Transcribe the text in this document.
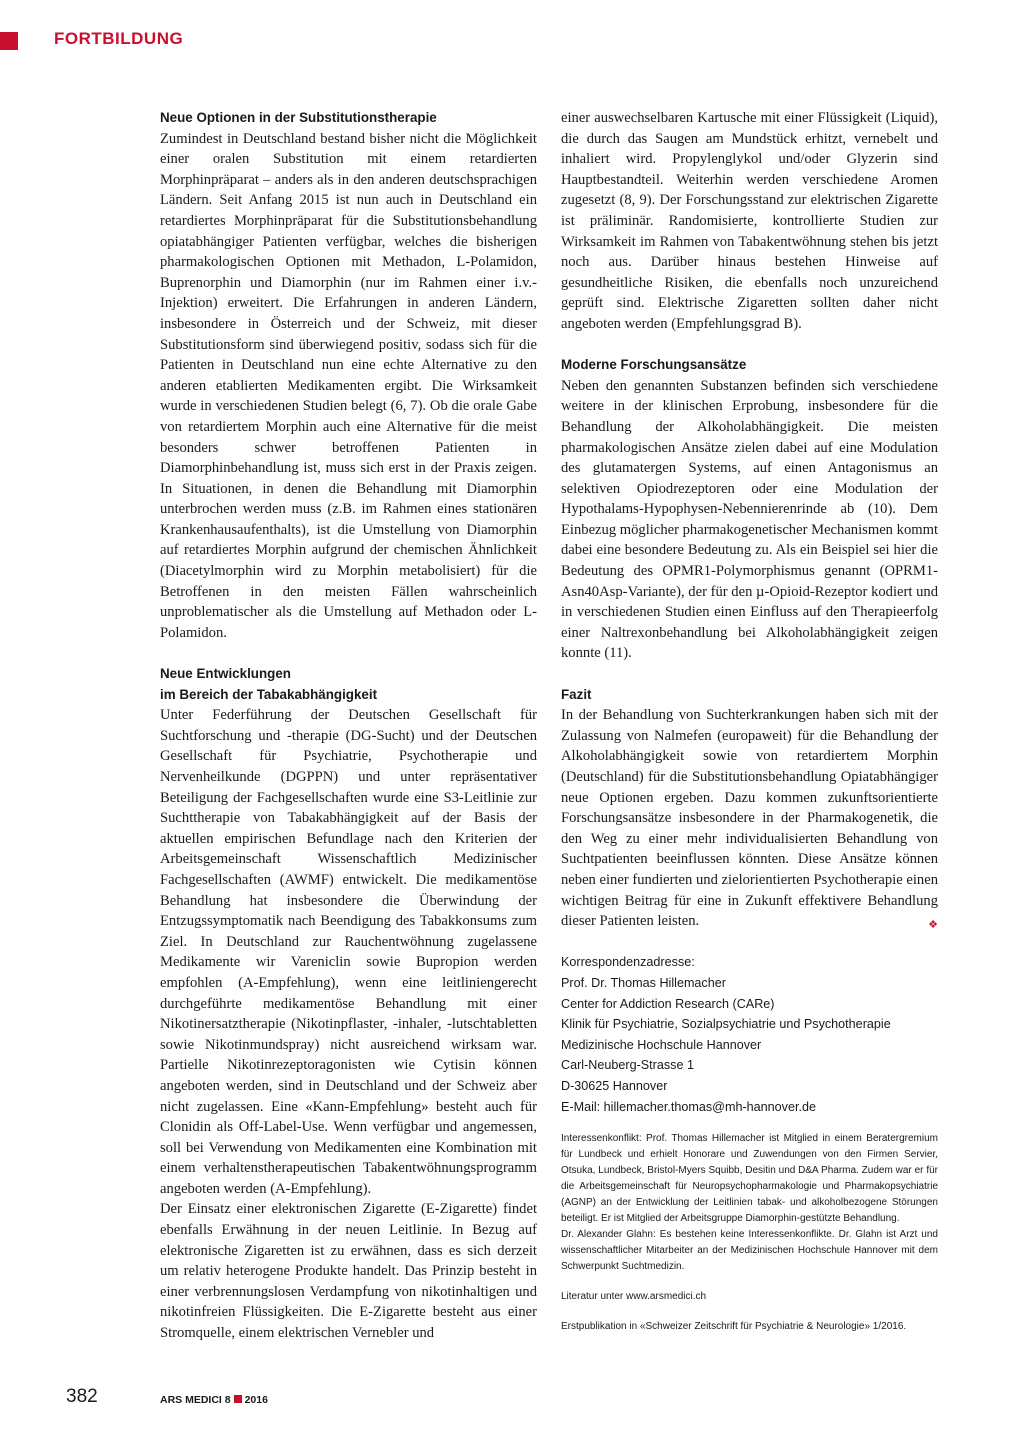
FORTBILDUNG

Neue Optionen in der Substitutionstherapie

Zumindest in Deutschland bestand bisher nicht die Möglichkeit einer oralen Substitution mit einem retardierten Morphinpräparat – anders als in den anderen deutschsprachigen Ländern. Seit Anfang 2015 ist nun auch in Deutschland ein retardiertes Morphinpräparat für die Substitutionsbehandlung opiatabhängiger Patienten verfügbar, welches die bisherigen pharmakologischen Optionen mit Methadon, L-Polamidon, Buprenorphin und Diamorphin (nur im Rahmen einer i.v.-Injektion) erweitert. Die Erfahrungen in anderen Ländern, insbesondere in Österreich und der Schweiz, mit dieser Substitutionsform sind überwiegend positiv, sodass sich für die Patienten in Deutschland nun eine echte Alternative zu den anderen etablierten Medikamenten ergibt. Die Wirksamkeit wurde in verschiedenen Studien belegt (6, 7). Ob die orale Gabe von retardiertem Morphin auch eine Alternative für die meist besonders schwer betroffenen Patienten in Diamorphinbehandlung ist, muss sich erst in der Praxis zeigen. In Situationen, in denen die Behandlung mit Diamorphin unterbrochen werden muss (z.B. im Rahmen eines stationären Krankenhausaufenthalts), ist die Umstellung von Diamorphin auf retardiertes Morphin aufgrund der chemischen Ähnlichkeit (Diacetylmorphin wird zu Morphin metabolisiert) für die Betroffenen in den meisten Fällen wahrscheinlich unproblematischer als die Umstellung auf Methadon oder L-Polamidon.

Neue Entwicklungen

im Bereich der Tabakabhängigkeit

Unter Federführung der Deutschen Gesellschaft für Suchtforschung und -therapie (DG-Sucht) und der Deutschen Gesellschaft für Psychiatrie, Psychotherapie und Nervenheilkunde (DGPPN) und unter repräsentativer Beteiligung der Fachgesellschaften wurde eine S3-Leitlinie zur Suchttherapie von Tabakabhängigkeit auf der Basis der aktuellen empirischen Befundlage nach den Kriterien der Arbeitsgemeinschaft Wissenschaftlich Medizinischer Fachgesellschaften (AWMF) entwickelt. Die medikamentöse Behandlung hat insbesondere die Überwindung der Entzugssymptomatik nach Beendigung des Tabakkonsums zum Ziel. In Deutschland zur Rauchentwöhnung zugelassene Medikamente wir Vareniclin sowie Bupropion werden empfohlen (A-Empfehlung), wenn eine leitliniengerecht durchgeführte medikamentöse Behandlung mit einer Nikotinersatztherapie (Nikotinpflaster, -inhaler, -lutschtabletten sowie Nikotinmundspray) nicht ausreichend wirksam war. Partielle Nikotinrezeptoragonisten wie Cytisin können angeboten werden, sind in Deutschland und der Schweiz aber nicht zugelassen. Eine «Kann-Empfehlung» besteht auch für Clonidin als Off-Label-Use. Wenn verfügbar und angemessen, soll bei Verwendung von Medikamenten eine Kombination mit einem verhaltenstherapeutischen Tabakentwöhnungsprogramm angeboten werden (A-Empfehlung).

Der Einsatz einer elektronischen Zigarette (E-Zigarette) findet ebenfalls Erwähnung in der neuen Leitlinie. In Bezug auf elektronische Zigaretten ist zu erwähnen, dass es sich derzeit um relativ heterogene Produkte handelt. Das Prinzip besteht in einer verbrennungslosen Verdampfung von nikotinhaltigen und nikotinfreien Flüssigkeiten. Die E-Zigarette besteht aus einer Stromquelle, einem elektrischen Vernebler und

einer auswechselbaren Kartusche mit einer Flüssigkeit (Liquid), die durch das Saugen am Mundstück erhitzt, vernebelt und inhaliert wird. Propylenglykol und/oder Glyzerin sind Hauptbestandteil. Weiterhin werden verschiedene Aromen zugesetzt (8, 9). Der Forschungsstand zur elektrischen Zigarette ist präliminär. Randomisierte, kontrollierte Studien zur Wirksamkeit im Rahmen von Tabakentwöhnung stehen bis jetzt noch aus. Darüber hinaus bestehen Hinweise auf gesundheitliche Risiken, die ebenfalls noch unzureichend geprüft sind. Elektrische Zigaretten sollten daher nicht angeboten werden (Empfehlungsgrad B).

Moderne Forschungsansätze

Neben den genannten Substanzen befinden sich verschiedene weitere in der klinischen Erprobung, insbesondere für die Behandlung der Alkoholabhängigkeit. Die meisten pharmakologischen Ansätze zielen dabei auf eine Modulation des glutamatergen Systems, auf einen Antagonismus an selektiven Opiodrezeptoren oder eine Modulation der Hypothalams-Hypophysen-Nebennierenrinde ab (10). Dem Einbezug möglicher pharmakogenetischer Mechanismen kommt dabei eine besondere Bedeutung zu. Als ein Beispiel sei hier die Bedeutung des OPMR1-Polymorphismus genannt (OPRM1-Asn40Asp-Variante), der für den µ-Opioid-Rezeptor kodiert und in verschiedenen Studien einen Einfluss auf den Therapieerfolg einer Naltrexonbehandlung bei Alkoholabhängigkeit zeigen konnte (11).

Fazit

In der Behandlung von Suchterkrankungen haben sich mit der Zulassung von Nalmefen (europaweit) für die Behandlung der Alkoholabhängigkeit sowie von retardiertem Morphin (Deutschland) für die Substitutionsbehandlung Opiatabhängiger neue Optionen ergeben. Dazu kommen zukunftsorientierte Forschungsansätze insbesondere in der Pharmakogenetik, die den Weg zu einer mehr individualisierten Behandlung von Suchtpatienten beeinflussen könnten. Diese Ansätze können neben einer fundierten und zielorientierten Psychotherapie einen wichtigen Beitrag für eine in Zukunft effektivere Behandlung dieser Patienten leisten.	❖

Korrespondenzadresse:

Prof. Dr. Thomas Hillemacher

Center for Addiction Research (CARe)

Klinik für Psychiatrie, Sozialpsychiatrie und Psychotherapie

Medizinische Hochschule Hannover

Carl-Neuberg-Strasse 1

D-30625 Hannover

E-Mail: hillemacher.thomas@mh-hannover.de

Interessenkonflikt: Prof. Thomas Hillemacher ist Mitglied in einem Beratergremium für Lundbeck und erhielt Honorare und Zuwendungen von den Firmen Servier, Otsuka, Lundbeck, Bristol-Myers Squibb, Desitin und D&A Pharma. Zudem war er für die Arbeitsgemeinschaft für Neuropsychopharmakologie und Pharmakopsychiatrie (AGNP) an der Entwicklung der Leitlinien tabak- und alkoholbezogene Störungen beteiligt. Er ist Mitglied der Arbeitsgruppe Diamorphin-gestützte Behandlung.

Dr. Alexander Glahn: Es bestehen keine Interessenkonflikte. Dr. Glahn ist Arzt und wissenschaftlicher Mitarbeiter an der Medizinischen Hochschule Hannover mit dem Schwerpunkt Suchtmedizin.

Literatur unter www.arsmedici.ch

Erstpublikation in «Schweizer Zeitschrift für Psychiatrie & Neurologie» 1/2016.

382	ARS MEDICI 8 2016
